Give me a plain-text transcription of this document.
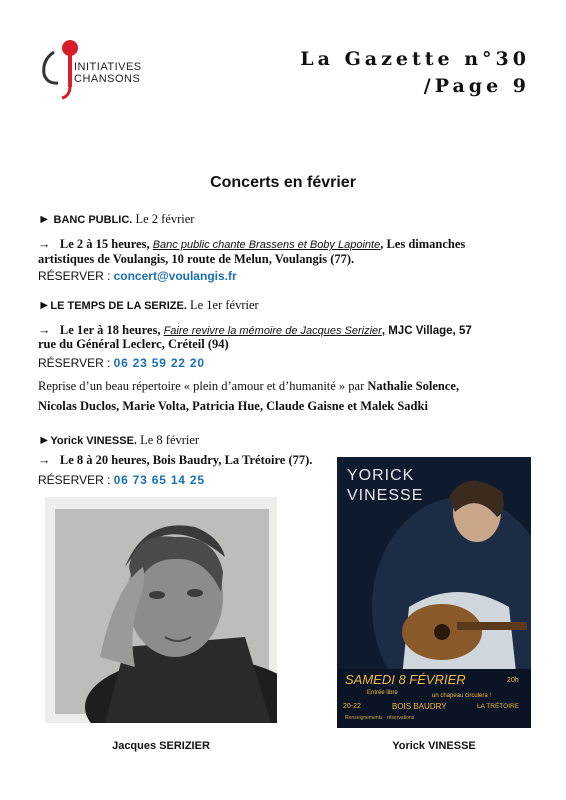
INITIATIVES CHANSONS
La Gazette n°30
/Page 9
Concerts en février
► BANC PUBLIC. Le 2 février
→ Le 2 à 15 heures, Banc public chante Brassens et Boby Lapointe, Les dimanches
artistiques de Voulangis, 10 route de Melun, Voulangis (77).
RÉSERVER : concert@voulangis.fr
►LE TEMPS DE LA SERIZE. Le 1er février
→ Le 1er à 18 heures, Faire revivre la mémoire de Jacques Serizier, MJC Village, 57
rue du Général Leclerc, Créteil (94)
RÉSERVER : 06 23 59 22 20
Reprise d’un beau répertoire « plein d’amour et d’humanité » par Nathalie Solence,
Nicolas Duclos, Marie Volta, Patricia Hue, Claude Gaisne et Malek Sadki
►Yorick VINESSE. Le 8 février
→ Le 8 à 20 heures, Bois Baudry, La Trétoire (77).
RÉSERVER : 06 73 65 14 25
Jacques SERIZIER
YORICK
VINESSE
SAMEDI 8 FÉVRIER	20h
Entrée libre	un chapeau circulera !
20-22	BOIS BAUDRY	LA TRÉTOIRE
Renseignements · réservations
Yorick VINESSE
